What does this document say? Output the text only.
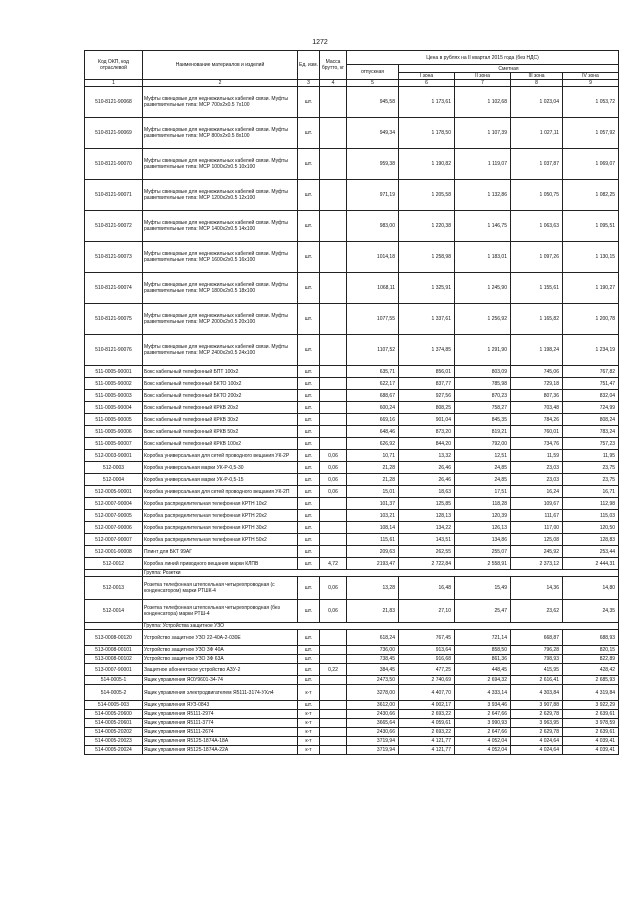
1272
Код ОКП, код отраслевой	Наименование материалов и изделий	Ед. изм.	Масса брутто, кг	Цена в рублях на II квартал 2015 года (без НДС)				
				отпускная	Сметная			
					I зона	II зона	III зона	IV зона
1	2	3	4	5	6	7	8	9
510-8121-90068	Муфты свинцовые для неднюжильных кабелей связи. Муфты разветвительные типа: МСР 700х2х0.5 7х100	шт.		945,58	1 173,61	1 102,68	1 023,04	1 053,72
510-8121-90069	Муфты свинцовые для неднюжильных кабелей связи. Муфты разветвительные типа: МСР 800х2х0.5 8х100	шт.		949,34	1 178,50	1 107,39	1 027,11	1 057,92
510-8121-90070	Муфты свинцовые для неднюжильных кабелей связи. Муфты разветвительные типа: МСР 1000х2х0.5 10х100	шт.		959,38	1 190,82	1 119,07	1 037,87	1 069,07
510-8121-90071	Муфты свинцовые для неднюжильных кабелей связи. Муфты разветвительные типа: МСР 1200х2х0.5 12х100	шт.		971,19	1 205,58	1 132,86	1 050,75	1 082,25
510-8121-90072	Муфты свинцовые для неднюжильных кабелей связи. Муфты разветвительные типа: МСР 1400х2х0.5 14х100	шт.		983,00	1 220,38	1 146,75	1 063,63	1 095,51
510-8121-90073	Муфты свинцовые для неднюжильных кабелей связи. Муфты разветвительные типа: МСР 1600х2х0.5 16х100	шт.		1014,18	1 258,98	1 183,01	1 097,26	1 130,15
510-8121-90074	Муфты свинцовые для неднюжильных кабелей связи. Муфты разветвительные типа: МСР 1800х2х0.5 18х100	шт.		1068,11	1 325,91	1 245,90	1 155,61	1 190,27
510-8121-90075	Муфты свинцовые для неднюжильных кабелей связи. Муфты разветвительные типа: МСР 2000х2х0.5 20х100	шт.		1077,55	1 337,61	1 256,92	1 165,82	1 200,78
510-8121-90076	Муфты свинцовые для неднюжильных кабелей связи. Муфты разветвительные типа: МСР 2400х2х0.5 24х100	шт.		1107,52	1 374,85	1 291,90	1 198,24	1 234,19
511-0005-90001	Бокс кабельный телефонный БПТ 100х2	шт.		635,71	856,01	803,09	745,06	767,82
511-0005-90002	Бокс кабельный телефонный БКТО 100х2	шт.		622,17	837,77	785,98	729,18	751,47
511-0005-90003	Бокс кабельный телефонный БКТО 200х2	шт.		688,67	927,56	870,23	807,36	832,04
511-0005-90004	Бокс кабельный телефонный КРКВ 20х2	шт.		600,24	808,25	758,27	703,48	724,99
511-0005-90005	Бокс кабельный телефонный КРКВ 30х2	шт.		669,16	901,04	845,35	784,26	808,24
511-0005-90006	Бокс кабельный телефонный КРКВ 50х2	шт.		648,46	873,20	819,21	760,01	783,24
511-0005-90007	Бокс кабельный телефонный КРКВ 100х2	шт.		626,92	844,20	792,00	734,76	757,23
512-0003-90001	Коробка универсальная для сетей проводного вещания УК-2Р	шт.	0,06	10,71	13,32	12,51	11,59	11,95
512-0003	Коробка универсальная марки УК-Р-0,5-30	шт.	0,06	21,28	26,46	24,85	23,03	23,75
512-0004	Коробка универсальная марки УК-Р-0,5-15	шт.	0,06	21,28	26,46	24,85	23,03	23,75
512-0005-90001	Коробка универсальная для сетей проводного вещания УК-2П	шт.	0,06	15,01	18,63	17,51	16,24	16,71
512-0007-90004	Коробка распределительная телефонная КРТН 10х2	шт.		101,37	125,85	118,28	109,67	112,98
512-0007-90005	Коробка распределительная телефонная КРТН 20х2	шт.		103,21	128,13	120,39	111,67	115,03
512-0007-90006	Коробка распределительная телефонная КРТН 30х2	шт.		108,14	134,22	126,13	117,00	120,50
512-0007-90007	Коробка распределительная телефонная КРТН 50х2	шт.		115,61	143,51	134,86	125,08	128,83
512-0001-90008	Плинт для БКТ 99АГ	шт.		209,63	262,55	255,07	245,92	253,44
512-0012	Коробка линий приводного вещания марки КЛПВ	шт.	4,72	2193,47	2 722,84	2 558,91	2 373,12	2 444,31
	Группа: Розетки							
512-0013	Розетка телефонная штепсельная четырехпроводная (с конденсатором) марки РТШК-4	шт.	0,06	13,28	16,48	15,49	14,36	14,80
512-0014	Розетка телефонная штепсельная четырехпроводная (без конденсатора) марки РТШ-4	шт.	0,06	21,83	27,10	25,47	23,62	24,35
	Группа: Устройства защитное УЗО							
513-0008-00120	Устройство защитное УЗО 22-40А-2-030Е	шт.		618,24	767,45	721,14	668,87	688,93
513-0008-00101	Устройство защитное УЗО 3Ф 40А	шт.		736,00	913,64	858,50	796,28	820,15
513-0008-00102	Устройство защитное УЗО 3Ф 63А	шт.		738,45	916,68	861,36	798,93	822,89
513-0007-90001	Защитное абонентское устройство АЗУ-2	шт.	0,22	384,45	477,25	448,45	415,95	428,42
514-0005-1	Ящик управления ЯОУ9601-34-74	шт.		2473,50	2 740,69	2 694,32	2 616,41	2 685,93
514-0005-2	Ящик управления электродвигателем Я5111-3174-УХл4	к-т		3278,00	4 407,70	4 333,14	4 303,84	4 319,84
514-0005-003	Ящик управления ЯУЗ-0843	шт.		3612,00	4 002,17	3 934,46	3 907,88	3 922,29
514-0005-20600	Ящик управления Я5111-2974	к-т		2430,66	2 693,22	2 647,66	2 629,78	2 639,61
514-0005-20601	Ящик управления Я5111-3774	к-т		3665,64	4 059,61	3 990,93	3 963,95	3 978,59
514-0005-20202	Ящик управления Я5111-2674	к-т		2430,66	2 693,22	2 647,66	2 629,78	2 639,61
514-0005-20023	Ящик управления Я5125-1874А-18А	к-т		3719,94	4 121,77	4 052,04	4 024,64	4 039,41
514-0005-20024	Ящик управления Я5125-1874А-22А	к-т		3719,94	4 121,77	4 052,04	4 024,64	4 039,41
